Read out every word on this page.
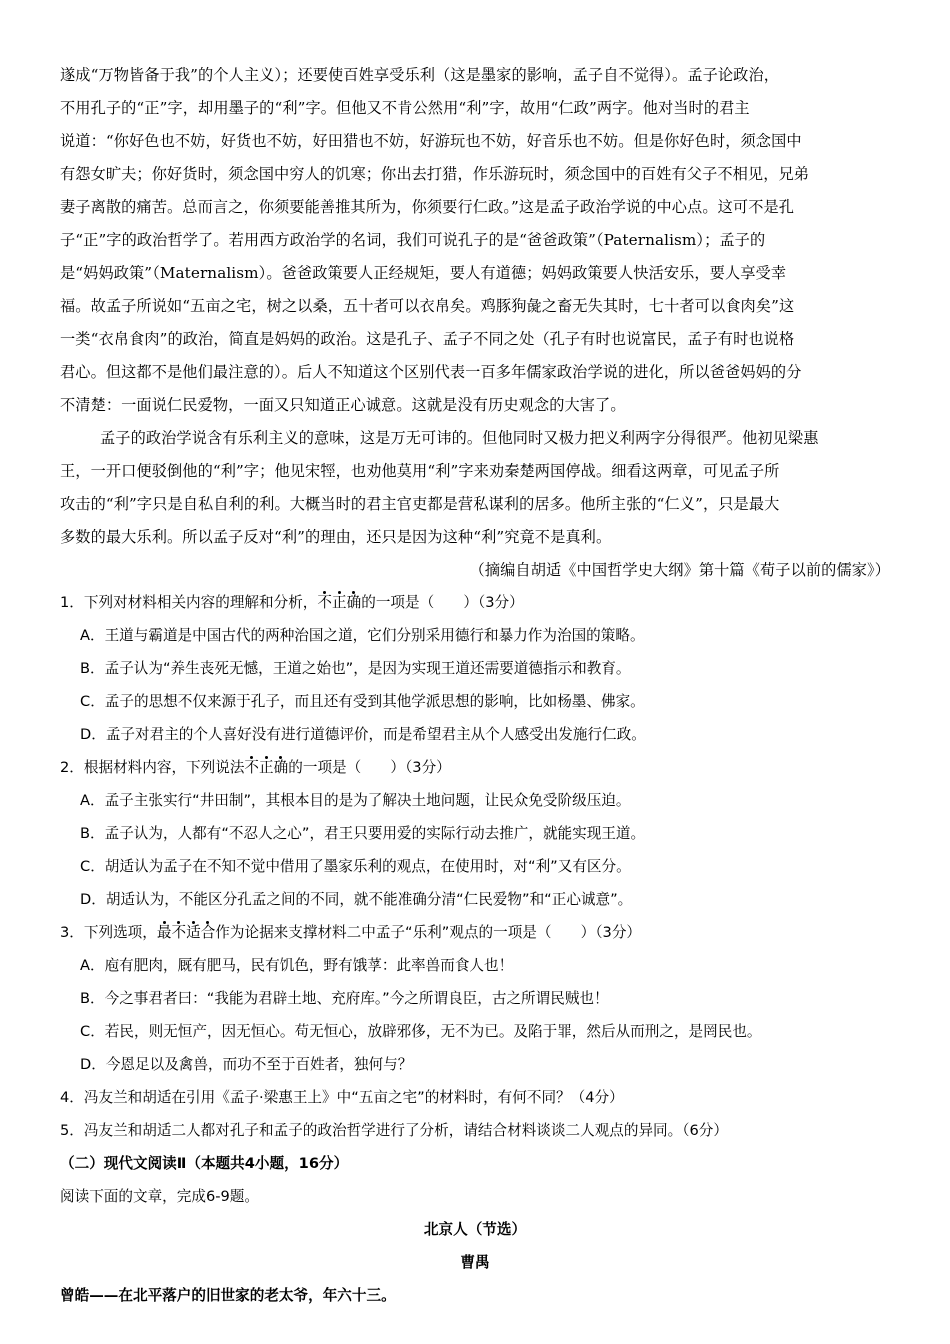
遂成“万物皆备于我”的个人主义）；还要使百姓享受乐利（这是墨家的影响，孟子自不觉得）。孟子论政治，
不用孔子的“正”字，却用墨子的“利”字。但他又不肯公然用“利”字，故用“仁政”两字。他对当时的君主
说道：“你好色也不妨，好货也不妨，好田猎也不妨，好游玩也不妨，好音乐也不妨。但是你好色时，须念国中
有怨女旷夫；你好货时，须念国中穷人的饥寒；你出去打猎，作乐游玩时，须念国中的百姓有父子不相见，兄弟
妻子离散的痛苦。总而言之，你须要能善推其所为，你须要行仁政。”这是孟子政治学说的中心点。这可不是孔
子“正”字的政治哲学了。若用西方政治学的名词，我们可说孔子的是“爸爸政策”（Paternalism）；孟子的
是“妈妈政策”（Maternalism）。爸爸政策要人正经规矩，要人有道德；妈妈政策要人快活安乐，要人享受幸
福。故孟子所说如“五亩之宅，树之以桑，五十者可以衣帛矣。鸡豚狗彘之畜无失其时，七十者可以食肉矣”这
一类“衣帛食肉”的政治，简直是妈妈的政治。这是孔子、孟子不同之处（孔子有时也说富民，孟子有时也说格
君心。但这都不是他们最注意的）。后人不知道这个区别代表一百多年儒家政治学说的进化，所以爸爸妈妈的分
不清楚：一面说仁民爱物，一面又只知道正心诚意。这就是没有历史观念的大害了。
孟子的政治学说含有乐利主义的意味，这是万无可讳的。但他同时又极力把义利两字分得很严。他初见梁惠
王，一开口便驳倒他的“利”字；他见宋牼，也劝他莫用“利”字来劝秦楚两国停战。细看这两章，可见孟子所
攻击的“利”字只是自私自利的利。大概当时的君主官吏都是营私谋利的居多。他所主张的“仁义”，只是最大
多数的最大乐利。所以孟子反对“利”的理由，还只是因为这种“利”究竟不是真利。
（摘编自胡适《中国哲学史大纲》第十篇《荀子以前的儒家》）
1．下列对材料相关内容的理解和分析，不正确的一项是（　　）（3分）
A．王道与霸道是中国古代的两种治国之道，它们分别采用德行和暴力作为治国的策略。
B．孟子认为“养生丧死无憾，王道之始也”，是因为实现王道还需要道德指示和教育。
C．孟子的思想不仅来源于孔子，而且还有受到其他学派思想的影响，比如杨墨、佛家。
D．孟子对君主的个人喜好没有进行道德评价，而是希望君主从个人感受出发施行仁政。
2．根据材料内容，下列说法不正确的一项是（　　）（3分）
A．孟子主张实行“井田制”，其根本目的是为了解决土地问题，让民众免受阶级压迫。
B．孟子认为，人都有“不忍人之心”，君王只要用爱的实际行动去推广，就能实现王道。
C．胡适认为孟子在不知不觉中借用了墨家乐利的观点，在使用时，对“利”又有区分。
D．胡适认为，不能区分孔孟之间的不同，就不能准确分清“仁民爱物”和“正心诚意”。
3．下列选项，最不适合作为论据来支撑材料二中孟子“乐利”观点的一项是（　　）（3分）
A．庖有肥肉，厩有肥马，民有饥色，野有饿莩：此率兽而食人也！
B．今之事君者曰：“我能为君辟土地、充府库。”今之所谓良臣，古之所谓民贼也！
C．若民，则无恒产，因无恒心。苟无恒心，放辟邪侈，无不为已。及陷于罪，然后从而刑之，是罔民也。
D．今恩足以及禽兽，而功不至于百姓者，独何与？
4．冯友兰和胡适在引用《孟子·梁惠王上》中“五亩之宅”的材料时，有何不同？（4分）
5．冯友兰和胡适二人都对孔子和孟子的政治哲学进行了分析，请结合材料谈谈二人观点的异同。（6分）
（二）现代文阅读Ⅱ（本题共4小题，16分）
阅读下面的文章，完成6-9题。
北京人（节选）
曹禺
曾皓——在北平落户的旧世家的老太爷，年六十三。
